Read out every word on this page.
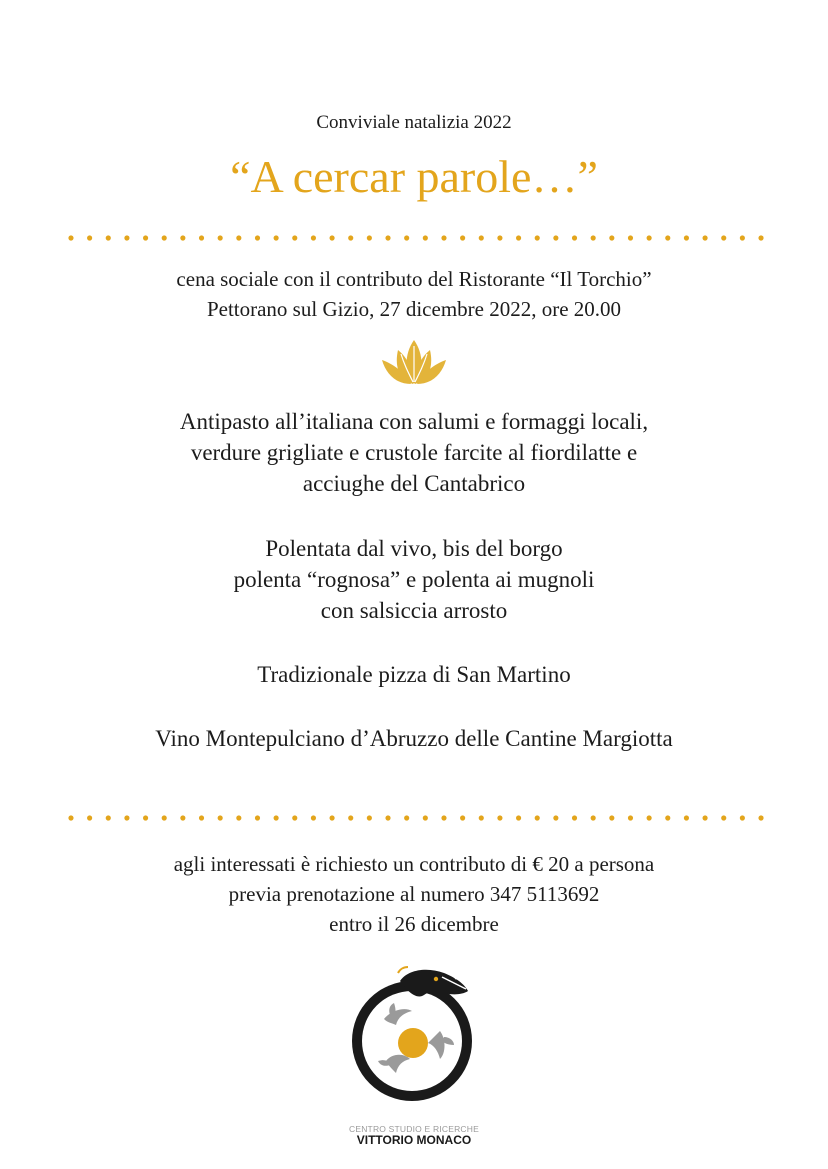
Conviviale natalizia 2022
“A cercar parole…”
cena sociale con il contributo del Ristorante “Il Torchio”
Pettorano sul Gizio, 27 dicembre 2022, ore 20.00
Antipasto all’italiana con salumi e formaggi locali,
verdure grigliate e crustole farcite al fiordilatte e
acciughe del Cantabrico
Polentata dal vivo, bis del borgo
polenta “rognosa” e polenta ai mugnoli
con salsiccia arrosto
Tradizionale pizza di San Martino
Vino Montepulciano d’Abruzzo delle Cantine Margiotta
agli interessati è richiesto un contributo di € 20 a persona
previa prenotazione al numero 347 5113692
entro il 26 dicembre
CENTRO STUDIO E RICERCHE
VITTORIO MONACO
